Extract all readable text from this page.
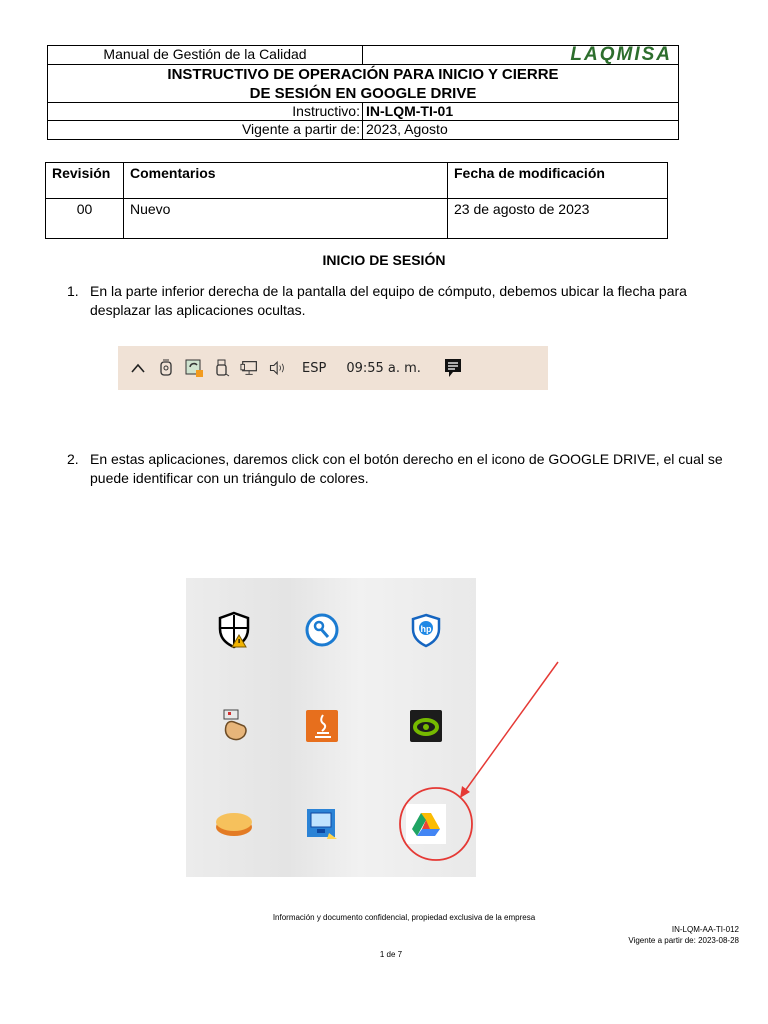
Manual de Gestión de la Calidad	LAQMISA
INSTRUCTIVO DE OPERACIÓN PARA INICIO Y CIERRE
DE SESIÓN EN GOOGLE DRIVE
Instructivo: IN-LQM-TI-01
Vigente a partir de: 2023, Agosto
Revisión	Comentarios	Fecha de modificación
00	Nuevo	23 de agosto de 2023
INICIO DE SESIÓN
1. En la parte inferior derecha de la pantalla del equipo de cómputo, debemos ubicar la flecha para desplazar las aplicaciones ocultas.
ESP 09:55 a. m.
2. En estas aplicaciones, daremos click con el botón derecho en el icono de GOOGLE DRIVE, el cual se puede identificar con un triángulo de colores.
hp
Información y documento confidencial, propiedad exclusiva de la empresa
IN-LQM-AA-TI-012
Vigente a partir de: 2023-08-28
1 de 7
